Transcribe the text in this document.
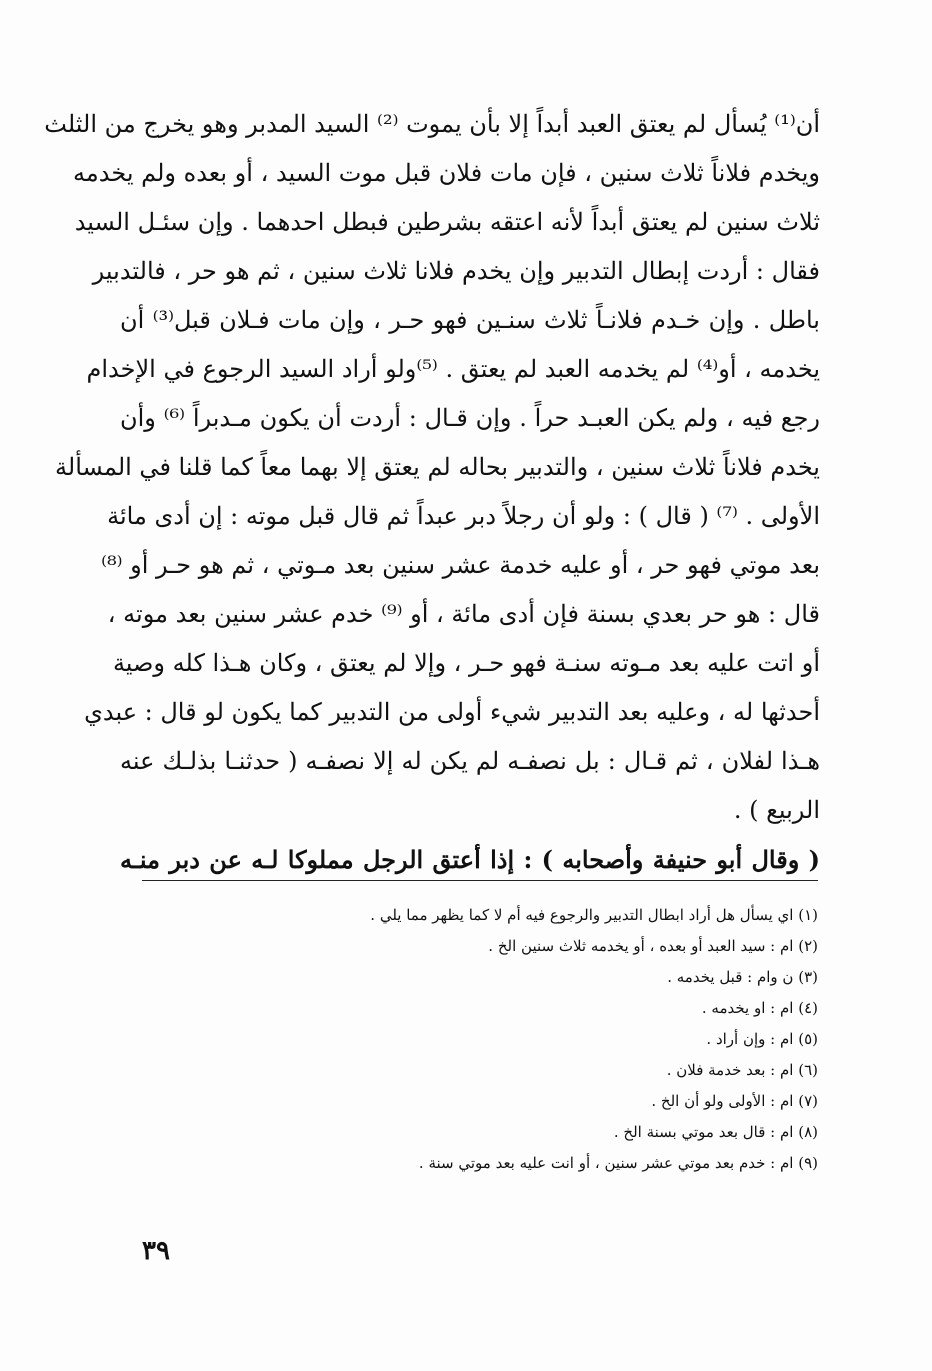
أن⁽¹⁾ يُسأل لم يعتق العبد أبداً إلا بأن يموت ⁽²⁾ السيد المدبر وهو يخرج من الثلث
ويخدم فلاناً ثلاث سنين ، فإن مات فلان قبل موت السيد ، أو بعده ولم يخدمه
ثلاث سنين لم يعتق أبداً لأنه اعتقه بشرطين فبطل احدهما . وإن سئـل السيد
فقال : أردت إبطال التدبير وإن يخدم فلانا ثلاث سنين ، ثم هو حر ، فالتدبير
باطل . وإن خـدم فلانـاً ثلاث سنـين فهو حـر ، وإن مات فـلان قبل⁽³⁾ أن
يخدمه ، أو⁽⁴⁾ لم يخدمه العبد لم يعتق . ⁽⁵⁾ولو أراد السيد الرجوع في الإخدام
رجع فيه ، ولم يكن العبـد حراً . وإن قـال : أردت أن يكون مـدبراً ⁽⁶⁾ وأن
يخدم فلاناً ثلاث سنين ، والتدبير بحاله لم يعتق إلا بهما معاً كما قلنا في المسألة
الأولى . ⁽⁷⁾ ( قال ) : ولو أن رجلاً دبر عبداً ثم قال قبل موته : إن أدى مائة
بعد موتي فهو حر ، أو عليه خدمة عشر سنين بعد مـوتي ، ثم هو حـر أو ⁽⁸⁾
قال : هو حر بعدي بسنة فإن أدى مائة ، أو ⁽⁹⁾ خدم عشر سنين بعد موته ،
أو اتت عليه بعد مـوته سنـة فهو حـر ، وإلا لم يعتق ، وكان هـذا كله وصية
أحدثها له ، وعليه بعد التدبير شيء أولى من التدبير كما يكون لو قال : عبدي
هـذا لفلان ، ثم قـال : بل نصفـه لم يكن له إلا نصفـه ( حدثنـا بذلـك عنه
الربيع ) .
( وقال أبو حنيفة وأصحابه ) : إذا أعتق الرجل مملوكا لـه عن دبر منـه
(١) اي يسأل هل أراد ابطال التدبير والرجوع فيه أم لا كما يظهر مما يلي .
(٢) ام : سيد العبد أو بعده ، أو يخدمه ثلاث سنين الخ .
(٣) ن وام : قبل يخدمه .
(٤) ام : او يخدمه .
(٥) ام : وإن أراد .
(٦) ام : بعد خدمة فلان .
(٧) ام : الأولى ولو أن الخ .
(٨) ام : قال بعد موتي بسنة الخ .
(٩) ام : خدم بعد موتي عشر سنين ، أو انت عليه بعد موتي سنة .
٣٩
